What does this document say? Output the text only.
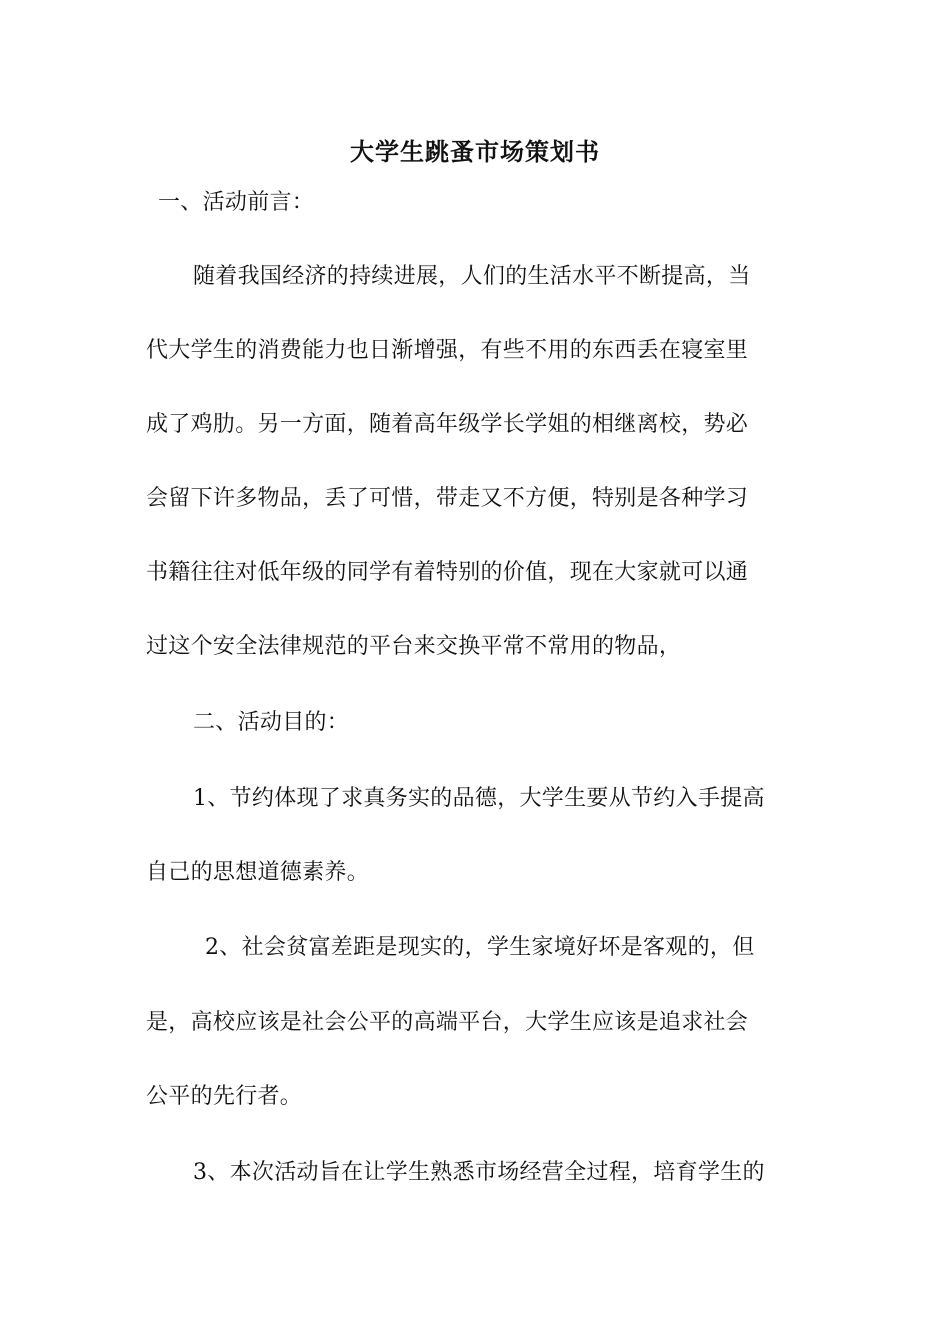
大学生跳蚤市场策划书

一、活动前言：

随着我国经济的持续进展，人们的生活水平不断提高，当

代大学生的消费能力也日渐增强，有些不用的东西丢在寝室里

成了鸡肋。另一方面，随着高年级学长学姐的相继离校，势必

会留下许多物品，丢了可惜，带走又不方便，特别是各种学习

书籍往往对低年级的同学有着特别的价值，现在大家就可以通

过这个安全法律规范的平台来交换平常不常用的物品，

二、活动目的：

1、节约体现了求真务实的品德，大学生要从节约入手提高

自己的思想道德素养。

2、社会贫富差距是现实的，学生家境好坏是客观的，但

是，高校应该是社会公平的高端平台，大学生应该是追求社会

公平的先行者。

3、本次活动旨在让学生熟悉市场经营全过程，培育学生的
